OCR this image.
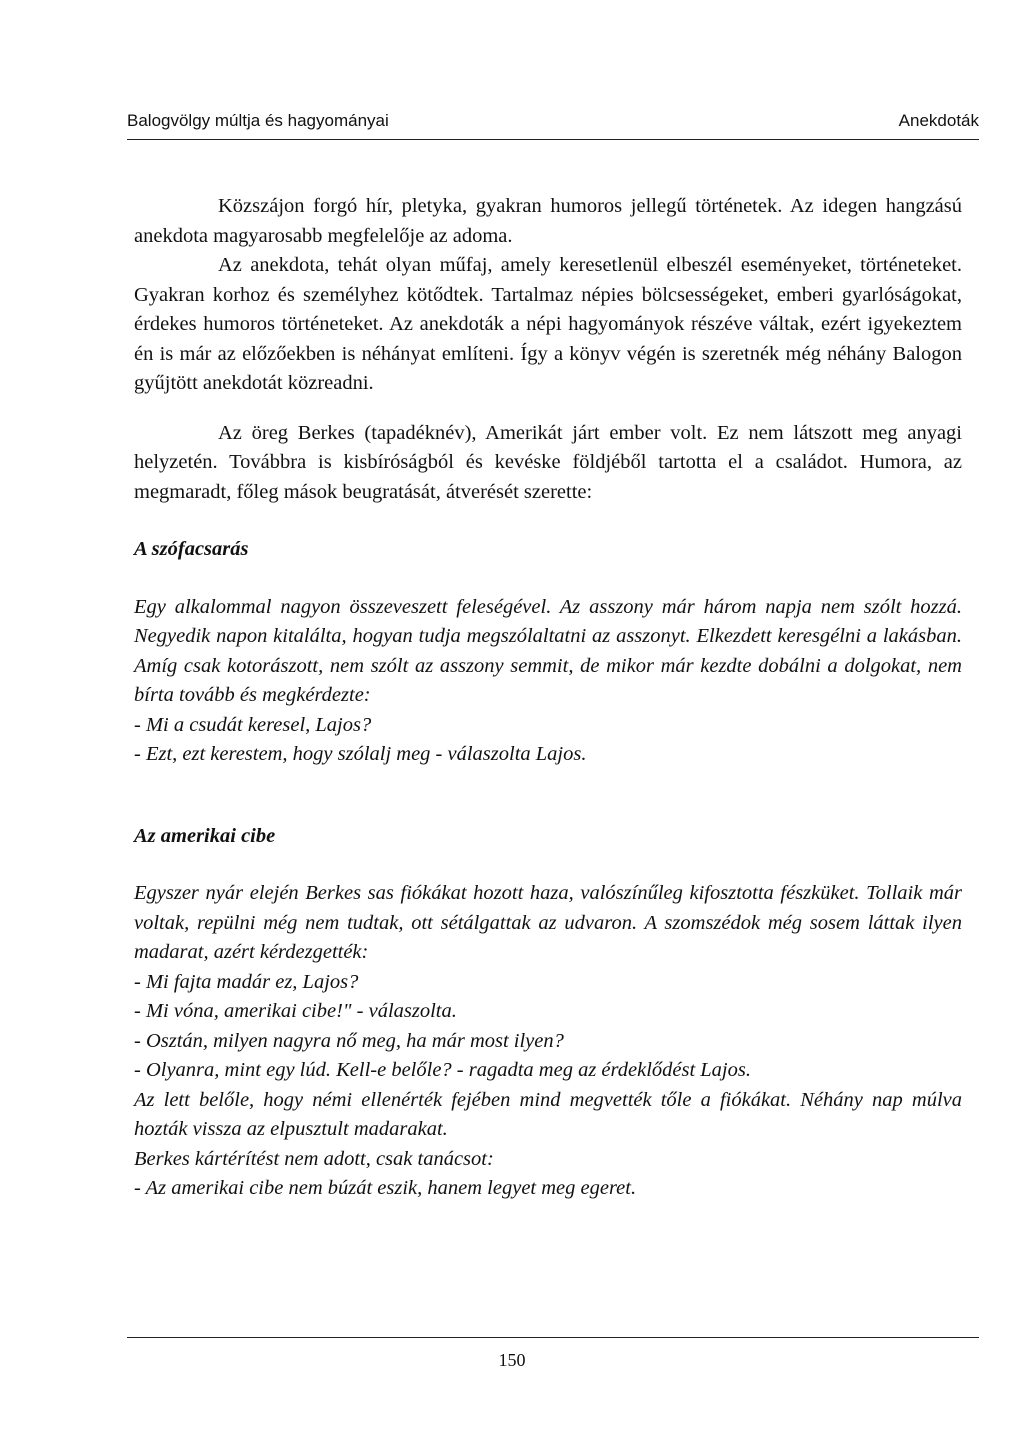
Balogvölgy múltja és hagyományai	Anekdoták

Közszájon forgó hír, pletyka, gyakran humoros jellegű történetek. Az idegen hangzású anekdota magyarosabb megfelelője az adoma.

Az anekdota, tehát olyan műfaj, amely keresetlenül elbeszél eseményeket, történeteket. Gyakran korhoz és személyhez kötődtek. Tartalmaz népies bölcsességeket, emberi gyarlóságokat, érdekes humoros történeteket. Az anekdoták a népi hagyományok részéve váltak, ezért igyekeztem én is már az előzőekben is néhányat említeni. Így a könyv végén is szeretnék még néhány Balogon gyűjtött anekdotát közreadni.

Az öreg Berkes (tapadéknév), Amerikát járt ember volt. Ez nem látszott meg anyagi helyzetén. Továbbra is kisbíróságból és kevéske földjéből tartotta el a családot. Humora, az megmaradt, főleg mások beugratását, átverését szerette:

A szófacsarás

Egy alkalommal nagyon összeveszett feleségével. Az asszony már három napja nem szólt hozzá. Negyedik napon kitalálta, hogyan tudja megszólaltatni az asszonyt. Elkezdett keresgélni a lakásban. Amíg csak kotorászott, nem szólt az asszony semmit, de mikor már kezdte dobálni a dolgokat, nem bírta tovább és megkérdezte:

- Mi a csudát keresel, Lajos?

- Ezt, ezt kerestem, hogy szólalj meg - válaszolta Lajos.

Az amerikai cibe

Egyszer nyár elején Berkes sas fiókákat hozott haza, valószínűleg kifosztotta fészküket. Tollaik már voltak, repülni még nem tudtak, ott sétálgattak az udvaron. A szomszédok még sosem láttak ilyen madarat, azért kérdezgették:

- Mi fajta madár ez, Lajos?

- Mi vóna, amerikai cibe!" - válaszolta.

- Osztán, milyen nagyra nő meg, ha már most ilyen?

- Olyanra, mint egy lúd. Kell-e belőle? - ragadta meg az érdeklődést Lajos.

Az lett belőle, hogy némi ellenérték fejében mind megvették tőle a fiókákat. Néhány nap múlva hozták vissza az elpusztult madarakat.

Berkes kártérítést nem adott, csak tanácsot:

- Az amerikai cibe nem búzát eszik, hanem legyet meg egeret.

150
